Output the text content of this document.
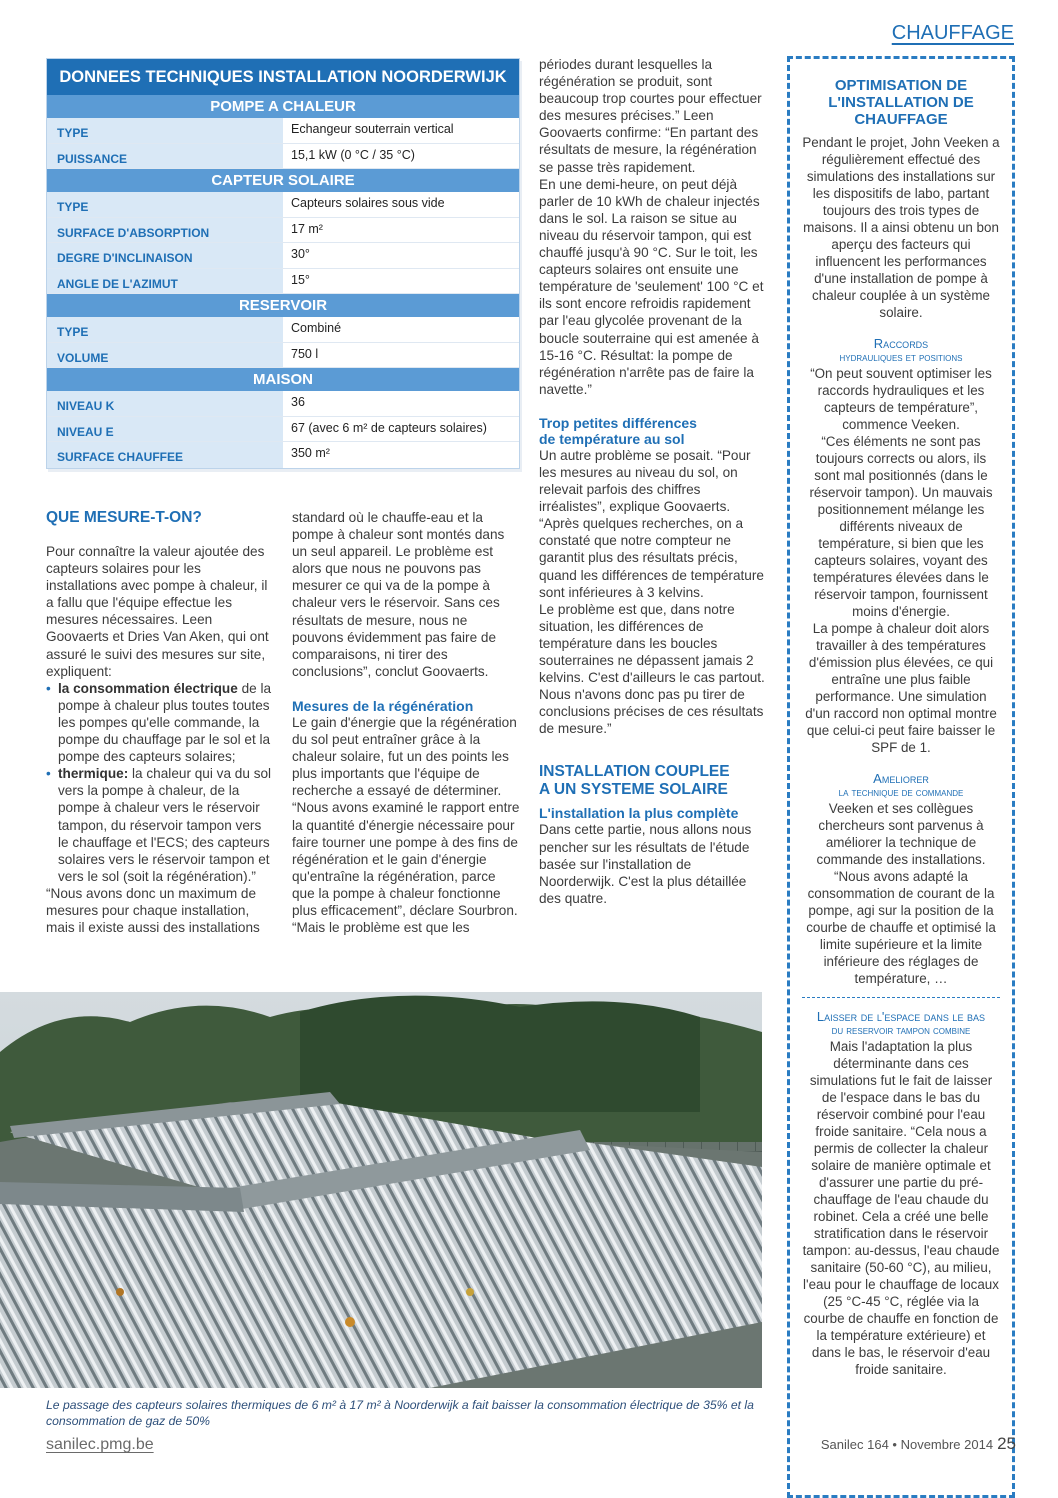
CHAUFFAGE
DONNEES TECHNIQUES INSTALLATION NOORDERWIJK
POMPE A CHALEUR
TYPE	Echangeur souterrain vertical
PUISSANCE	15,1 kW (0 °C / 35 °C)
CAPTEUR SOLAIRE
TYPE	Capteurs solaires sous vide
SURFACE D'ABSORPTION	17 m²
DEGRE D'INCLINAISON	30°
ANGLE DE L'AZIMUT	15°
RESERVOIR
TYPE	Combiné
VOLUME	750 l
MAISON
NIVEAU K	36
NIVEAU E	67 (avec 6 m² de capteurs solaires)
SURFACE CHAUFFEE	350 m²
QUE MESURE-T-ON?

Pour connaître la valeur ajoutée des capteurs solaires pour les installations avec pompe à chaleur, il a fallu que l'équipe effectue les mesures nécessaires. Leen Goovaerts et Dries Van Aken, qui ont assuré le suivi des mesures sur site, expliquent:

• la consommation électrique de la pompe à chaleur plus toutes toutes les pompes qu'elle commande, la pompe du chauffage par le sol et la pompe des capteurs solaires;
• thermique: la chaleur qui va du sol vers la pompe à chaleur, de la pompe à chaleur vers le réservoir tampon, du réservoir tampon vers le chauffage et l'ECS; des capteurs solaires vers le réservoir tampon et vers le sol (soit la régénération).”

“Nous avons donc un maximum de mesures pour chaque installation, mais il existe aussi des installations

standard où le chauffe-eau et la pompe à chaleur sont montés dans un seul appareil. Le problème est alors que nous ne pouvons pas mesurer ce qui va de la pompe à chaleur vers le réservoir. Sans ces résultats de mesure, nous ne pouvons évidemment pas faire de comparaisons, ni tirer des conclusions”, conclut Goovaerts.

Mesures de la régénération

Le gain d'énergie que la régénération du sol peut entraîner grâce à la chaleur solaire, fut un des points les plus importants que l'équipe de recherche a essayé de déterminer.

“Nous avons examiné le rapport entre la quantité d'énergie nécessaire pour faire tourner une pompe à des fins de régénération et le gain d'énergie qu'entraîne la régénération, parce que la pompe à chaleur fonctionne plus efficacement”, déclare Sourbron.

“Mais le problème est que les

périodes durant lesquelles la régénération se produit, sont beaucoup trop courtes pour effectuer des mesures précises.” Leen Goovaerts confirme: “En partant des résultats de mesure, la régénération se passe très rapidement.

En une demi-heure, on peut déjà parler de 10 kWh de chaleur injectés dans le sol. La raison se situe au niveau du réservoir tampon, qui est chauffé jusqu'à 90 °C. Sur le toit, les capteurs solaires ont ensuite une température de 'seulement' 100 °C et ils sont encore refroidis rapidement par l'eau glycolée provenant de la boucle souterraine qui est amenée à 15-16 °C. Résultat: la pompe de régénération n'arrête pas de faire la navette.”

Trop petites différences
de température au sol

Un autre problème se posait. “Pour les mesures au niveau du sol, on relevait parfois des chiffres irréalistes”, explique Goovaerts. “Après quelques recherches, on a constaté que notre compteur ne garantit plus des résultats précis, quand les différences de température sont inférieures à 3 kelvins.

Le problème est que, dans notre situation, les différences de température dans les boucles souterraines ne dépassent jamais 2 kelvins. C'est d'ailleurs le cas partout. Nous n'avons donc pas pu tirer de conclusions précises de ces résultats de mesure.”

INSTALLATION COUPLEE
A UN SYSTEME SOLAIRE
L'installation la plus complète

Dans cette partie, nous allons nous pencher sur les résultats de l'étude basée sur l'installation de Noorderwijk. C'est la plus détaillée des quatre.

OPTIMISATION DE L'INSTALLATION DE CHAUFFAGE

Pendant le projet, John Veeken a régulièrement effectué des simulations des installations sur les dispositifs de labo, partant toujours des trois types de maisons. Il a ainsi obtenu un bon aperçu des facteurs qui influencent les performances d'une installation de pompe à chaleur couplée à un système solaire.

Raccords
hydrauliques et positions

“On peut souvent optimiser les raccords hydrauliques et les capteurs de température”, commence Veeken.

“Ces éléments ne sont pas toujours corrects ou alors, ils sont mal positionnés (dans le réservoir tampon). Un mauvais positionnement mélange les différents niveaux de température, si bien que les capteurs solaires, voyant des températures élevées dans le réservoir tampon, fournissent moins d'énergie.

La pompe à chaleur doit alors travailler à des températures d'émission plus élevées, ce qui entraîne une plus faible performance. Une simulation d'un raccord non optimal montre que celui-ci peut faire baisser le SPF de 1.

Ameliorer
la technique de commande

Veeken et ses collègues chercheurs sont parvenus à améliorer la technique de commande des installations.

“Nous avons adapté la consommation de courant de la pompe, agi sur la position de la courbe de chauffe et optimisé la limite supérieure et la limite inférieure des réglages de température, …

Laisser de l'espace dans le bas
du reservoir tampon combine

Mais l'adaptation la plus déterminante dans ces simulations fut le fait de laisser de l'espace dans le bas du réservoir combiné pour l'eau froide sanitaire. “Cela nous a permis de collecter la chaleur solaire de manière optimale et d'assurer une partie du pré-chauffage de l'eau chaude du robinet. Cela a créé une belle stratification dans le réservoir tampon: au-dessus, l'eau chaude sanitaire (50-60 °C), au milieu, l'eau pour le chauffage de locaux (25 °C-45 °C, réglée via la courbe de chauffe en fonction de la température extérieure) et dans le bas, le réservoir d'eau froide sanitaire.

Le passage des capteurs solaires thermiques de 6 m² à 17 m² à Noorderwijk a fait baisser la consommation électrique de 35% et la consommation de gaz de 50%
sanilec.pmg.be	Sanilec 164 • Novembre 2014 25
